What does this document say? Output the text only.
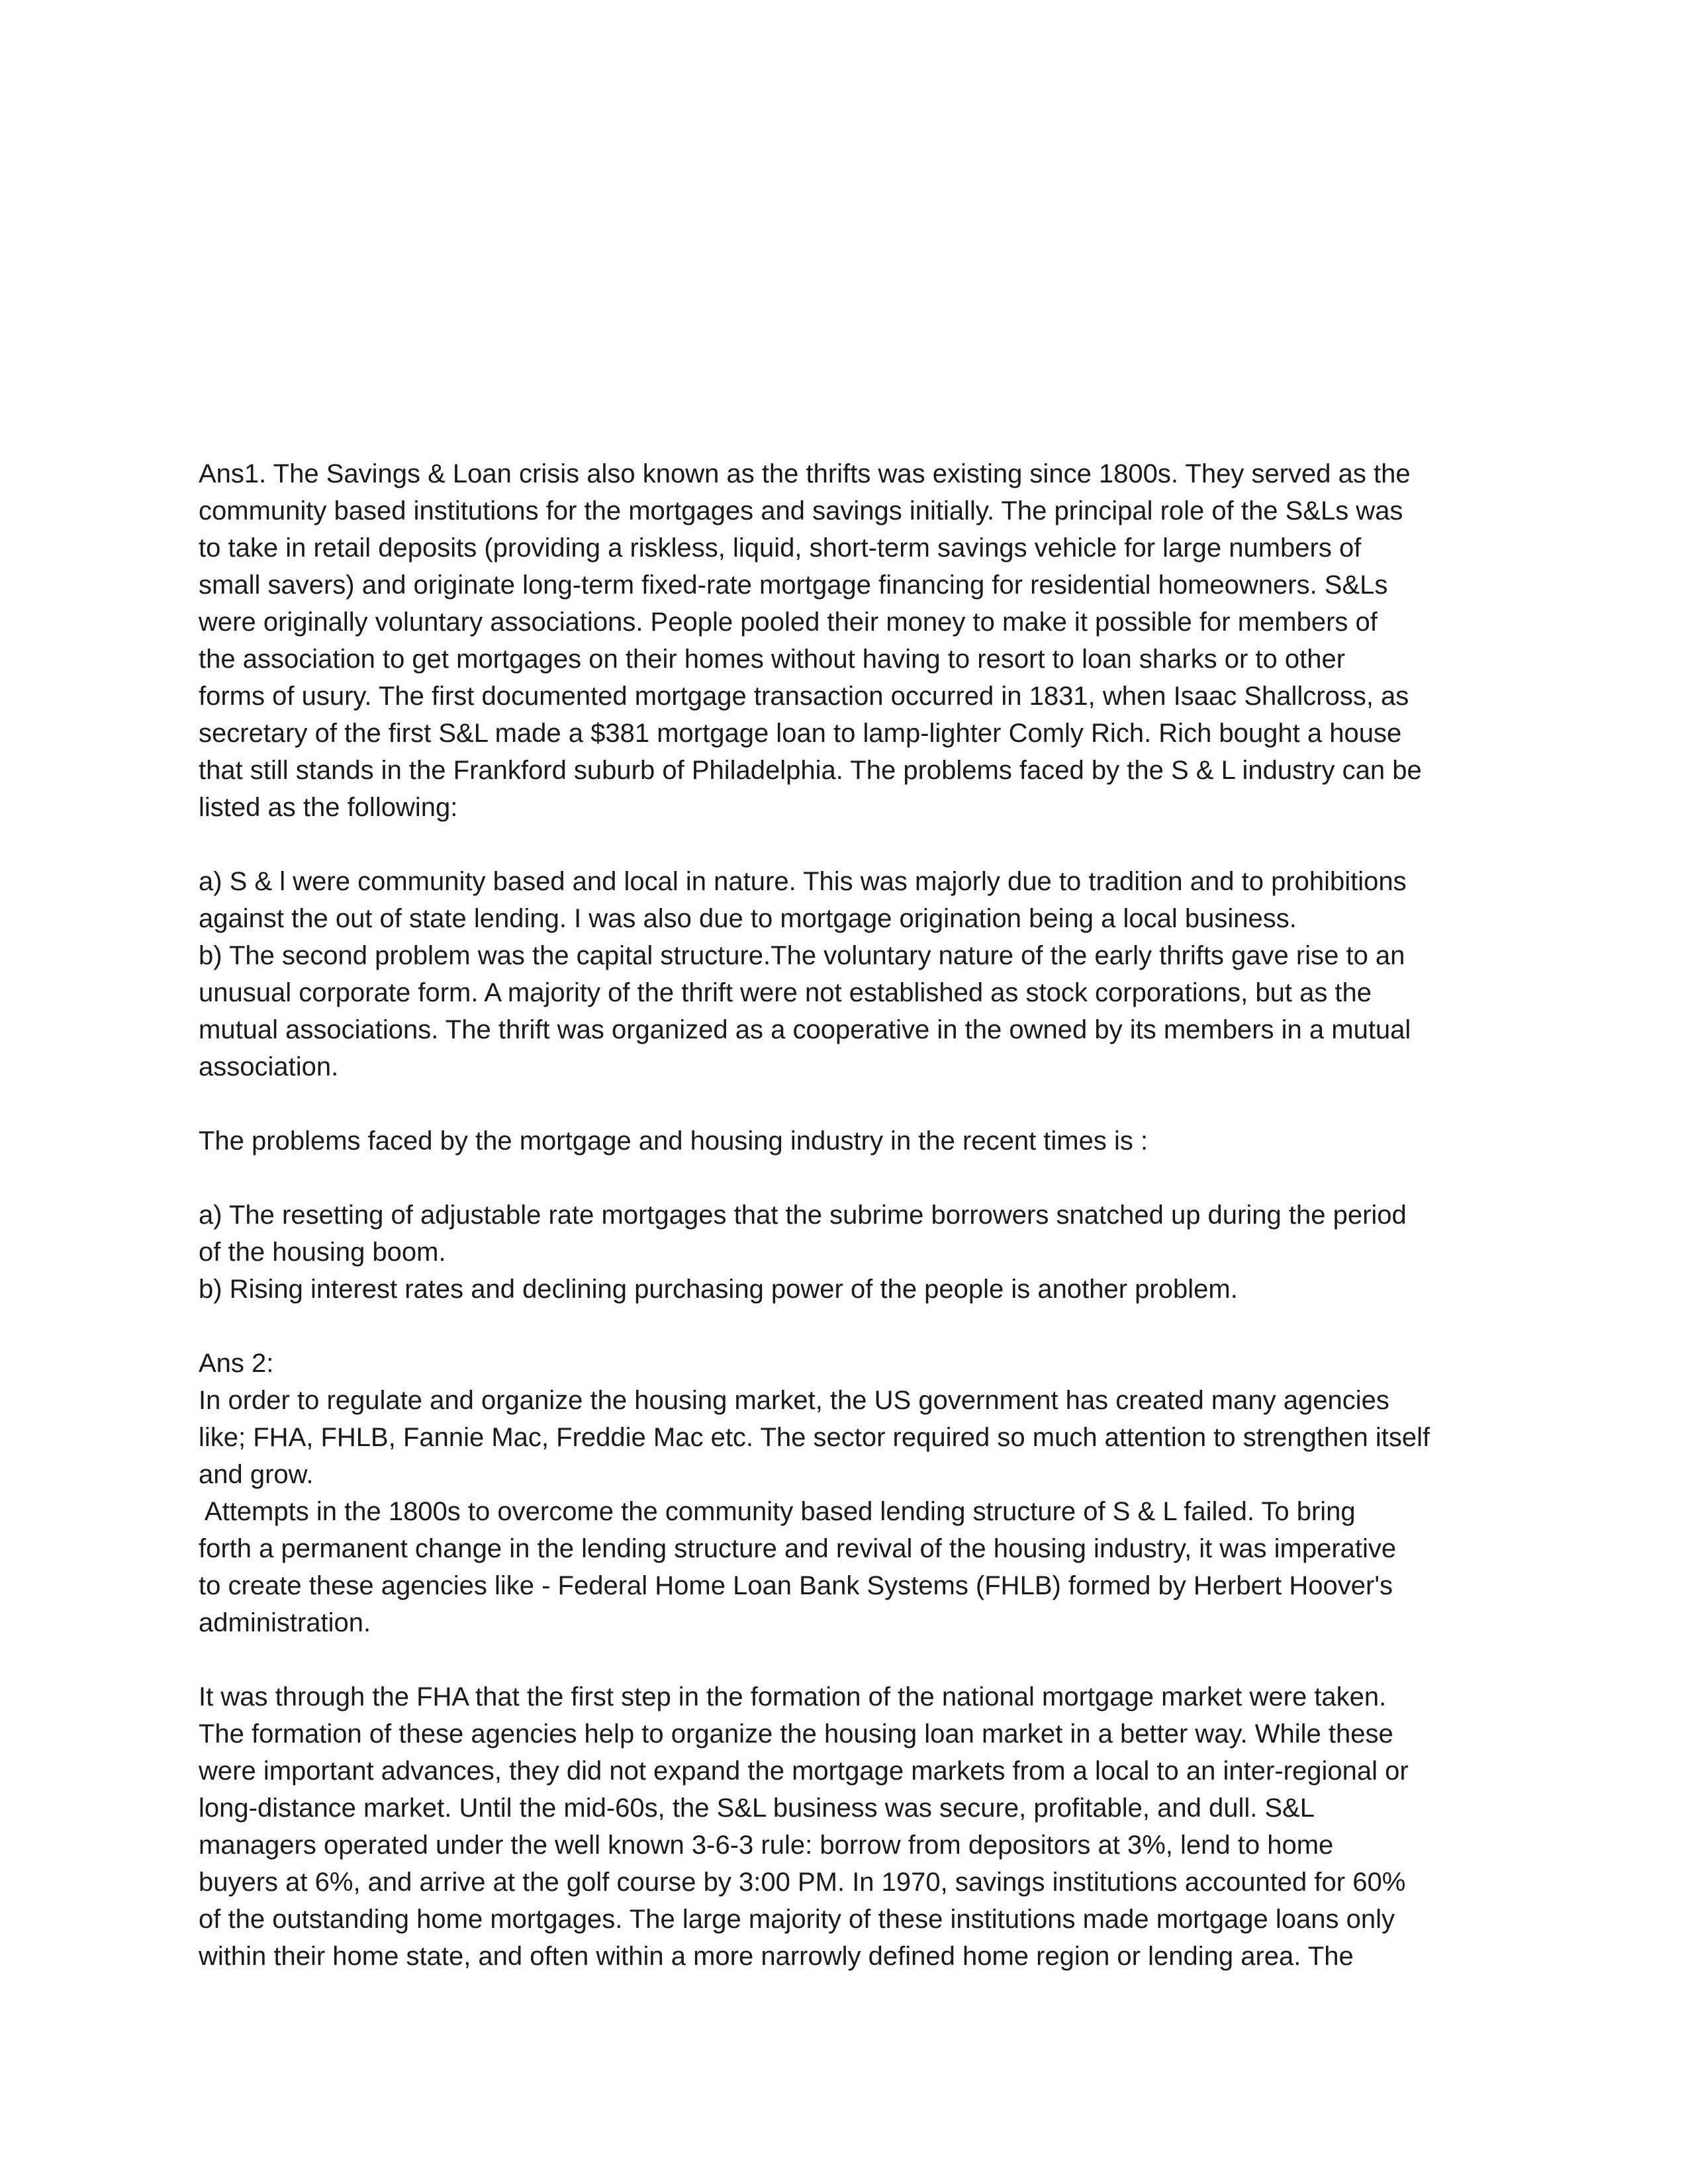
Ans1. The Savings & Loan crisis also known as the thrifts was existing since 1800s. They served as the
community based institutions for the mortgages and savings initially. The principal role of the S&Ls was
to take in retail deposits (providing a riskless, liquid, short-term savings vehicle for large numbers of
small savers) and originate long-term fixed-rate mortgage financing for residential homeowners. S&Ls
were originally voluntary associations. People pooled their money to make it possible for members of
the association to get mortgages on their homes without having to resort to loan sharks or to other
forms of usury. The first documented mortgage transaction occurred in 1831, when Isaac Shallcross, as
secretary of the first S&L made a $381 mortgage loan to lamp-lighter Comly Rich. Rich bought a house
that still stands in the Frankford suburb of Philadelphia. The problems faced by the S & L industry can be
listed as the following:
a) S & l were community based and local in nature. This was majorly due to tradition and to prohibitions
against the out of state lending. I was also due to mortgage origination being a local business.
b) The second problem was the capital structure.The voluntary nature of the early thrifts gave rise to an
unusual corporate form. A majority of the thrift were not established as stock corporations, but as the
mutual associations. The thrift was organized as a cooperative in the owned by its members in a mutual
association.
The problems faced by the mortgage and housing industry in the recent times is :
a) The resetting of adjustable rate mortgages that the subrime borrowers snatched up during the period
of the housing boom.
b) Rising interest rates and declining purchasing power of the people is another problem.
Ans 2:
In order to regulate and organize the housing market, the US government has created many agencies
like; FHA, FHLB, Fannie Mac, Freddie Mac etc. The sector required so much attention to strengthen itself
and grow.
Attempts in the 1800s to overcome the community based lending structure of S & L failed. To bring
forth a permanent change in the lending structure and revival of the housing industry, it was imperative
to create these agencies like - Federal Home Loan Bank Systems (FHLB) formed by Herbert Hoover's
administration.
It was through the FHA that the first step in the formation of the national mortgage market were taken.
The formation of these agencies help to organize the housing loan market in a better way. While these
were important advances, they did not expand the mortgage markets from a local to an inter-regional or
long-distance market. Until the mid-60s, the S&L business was secure, profitable, and dull. S&L
managers operated under the well known 3-6-3 rule: borrow from depositors at 3%, lend to home
buyers at 6%, and arrive at the golf course by 3:00 PM. In 1970, savings institutions accounted for 60%
of the outstanding home mortgages. The large majority of these institutions made mortgage loans only
within their home state, and often within a more narrowly defined home region or lending area. The
